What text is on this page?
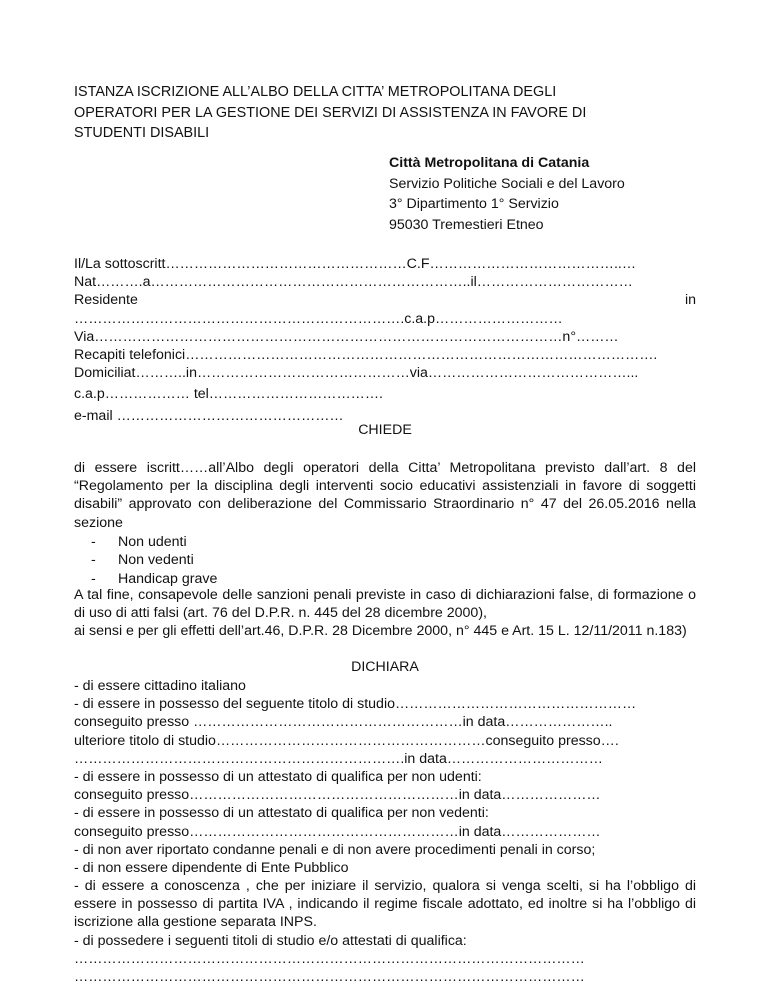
ISTANZA ISCRIZIONE ALL’ALBO DELLA CITTA’ METROPOLITANA DEGLI
OPERATORI PER LA GESTIONE DEI SERVIZI DI ASSISTENZA IN FAVORE DI
STUDENTI DISABILI
Città Metropolitana di Catania
Servizio Politiche Sociali e del Lavoro
3° Dipartimento 1° Servizio
95030 Tremestieri Etneo
Il/La sottoscritt……………………………………………C.F…………………………………..…
Nat……….a…………………………………………………………..il……………………………
Residente	in
…………………………………………………………….c.a.p………………………
Via………………………………………………………………………………………n°………
Recapiti telefonici……………………………………………………………………………………….
Domiciliat………..in………………………………………via……………………………………...
c.a.p……………… tel……………………………….
e-mail …………………………………………
CHIEDE
di essere iscritt……all’Albo degli operatori della Citta’ Metropolitana previsto dall’art. 8 del “Regolamento per la disciplina degli interventi socio educativi assistenziali in favore di soggetti disabili” approvato con deliberazione del Commissario Straordinario n° 47 del 26.05.2016 nella sezione
- Non udenti
- Non vedenti
- Handicap grave
A tal fine, consapevole delle sanzioni penali previste in caso di dichiarazioni false, di formazione o di uso di atti falsi (art. 76 del D.P.R. n. 445 del 28 dicembre 2000),
ai sensi e per gli effetti dell’art.46, D.P.R. 28 Dicembre 2000, n° 445 e Art. 15 L. 12/11/2011 n.183)
DICHIARA
- di essere cittadino italiano
- di essere in possesso del seguente titolo di studio……………………………………………
conseguito presso …………………………………………………in data…………………..
ulteriore titolo di studio…………………………………………………conseguito presso….
…………………………………………………………….in data……………………………
- di essere in possesso di un attestato di qualifica per non udenti:
conseguito presso…………………………………………………in data…………………
- di essere in possesso di un attestato di qualifica per non vedenti:
conseguito presso…………………………………………………in data…………………
- di non aver riportato condanne penali e di non avere procedimenti penali in corso;
- di non essere dipendente di Ente Pubblico
- di essere a conoscenza , che per iniziare il servizio, qualora si venga scelti, si ha l’obbligo di essere in possesso di partita IVA , indicando il regime fiscale adottato, ed inoltre si ha l’obbligo di iscrizione alla gestione separata INPS.
- di possedere i seguenti titoli di studio e/o attestati di qualifica:
………………………………………………………………………………………………
………………………………………………………………………………………………
